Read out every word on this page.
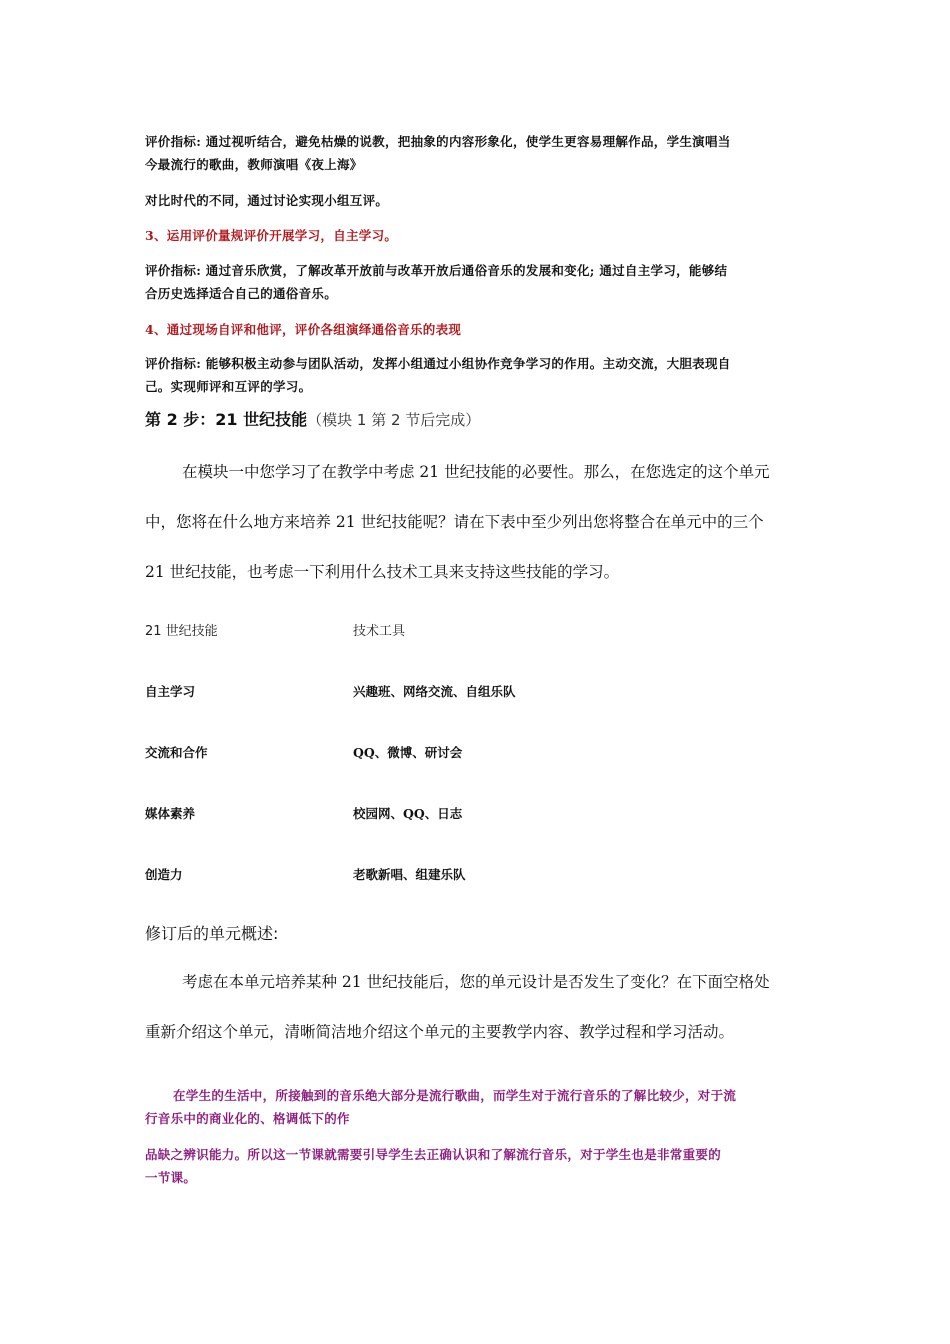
评价指标: 通过视听结合，避免枯燥的说教，把抽象的内容形象化，使学生更容易理解作品，学生演唱当
今最流行的歌曲，教师演唱《夜上海》
对比时代的不同，通过讨论实现小组互评。
3、运用评价量规评价开展学习，自主学习。
评价指标: 通过音乐欣赏，了解改革开放前与改革开放后通俗音乐的发展和变化; 通过自主学习，能够结
合历史选择适合自己的通俗音乐。
4、通过现场自评和他评，评价各组演绎通俗音乐的表现
评价指标: 能够积极主动参与团队活动，发挥小组通过小组协作竞争学习的作用。主动交流，大胆表现自
己。实现师评和互评的学习。
第 2 步：21 世纪技能（模块 1 第 2 节后完成）
在模块一中您学习了在教学中考虑 21 世纪技能的必要性。那么，在您选定的这个单元
中，您将在什么地方来培养 21 世纪技能呢？请在下表中至少列出您将整合在单元中的三个
21 世纪技能，也考虑一下利用什么技术工具来支持这些技能的学习。
21 世纪技能	技术工具
自主学习	兴趣班、网络交流、自组乐队
交流和合作	QQ、微博、研讨会
媒体素养	校园网、QQ、日志
创造力	老歌新唱、组建乐队
修订后的单元概述:
考虑在本单元培养某种 21 世纪技能后，您的单元设计是否发生了变化？在下面空格处
重新介绍这个单元，清晰简洁地介绍这个单元的主要教学内容、教学过程和学习活动。
在学生的生活中，所接触到的音乐绝大部分是流行歌曲，而学生对于流行音乐的了解比较少，对于流
行音乐中的商业化的、格调低下的作
品缺之辨识能力。所以这一节课就需要引导学生去正确认识和了解流行音乐，对于学生也是非常重要的
一节课。
